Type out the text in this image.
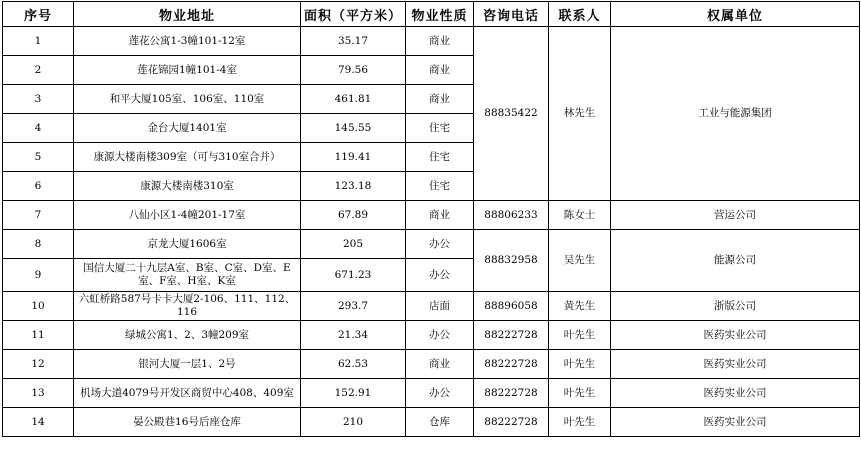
序号	物业地址	面积（平方米）	物业性质	咨询电话	联系人	权属单位
1	莲花公寓1-3幢101-12室	35.17	商业	88835422	林先生	工业与能源集团
2	莲花锦园1幢101-4室	79.56	商业			
3	和平大厦105室、106室、110室	461.81	商业			
4	金台大厦1401室	145.55	住宅			
5	康源大楼南楼309室（可与310室合并）	119.41	住宅			
6	康源大楼南楼310室	123.18	住宅			
7	八仙小区1-4幢201-17室	67.89	商业	88806233	陈女士	营运公司
8	京龙大厦1606室	205	办公	88832958	吴先生	能源公司
9	国信大厦二十九层A室、B室、C室、D室、E室、F室、H室、K室	671.23	办公			
10	六虹桥路587号卡卡大厦2-106、111、112、116	293.7	店面	88896058	黄先生	浙版公司
11	绿城公寓1、2、3幢209室	21.34	办公	88222728	叶先生	医药实业公司
12	银河大厦一层1、2号	62.53	商业	88222728	叶先生	医药实业公司
13	机场大道4079号开发区商贸中心408、409室	152.91	办公	88222728	叶先生	医药实业公司
14	晏公殿巷16号后座仓库	210	仓库	88222728	叶先生	医药实业公司
